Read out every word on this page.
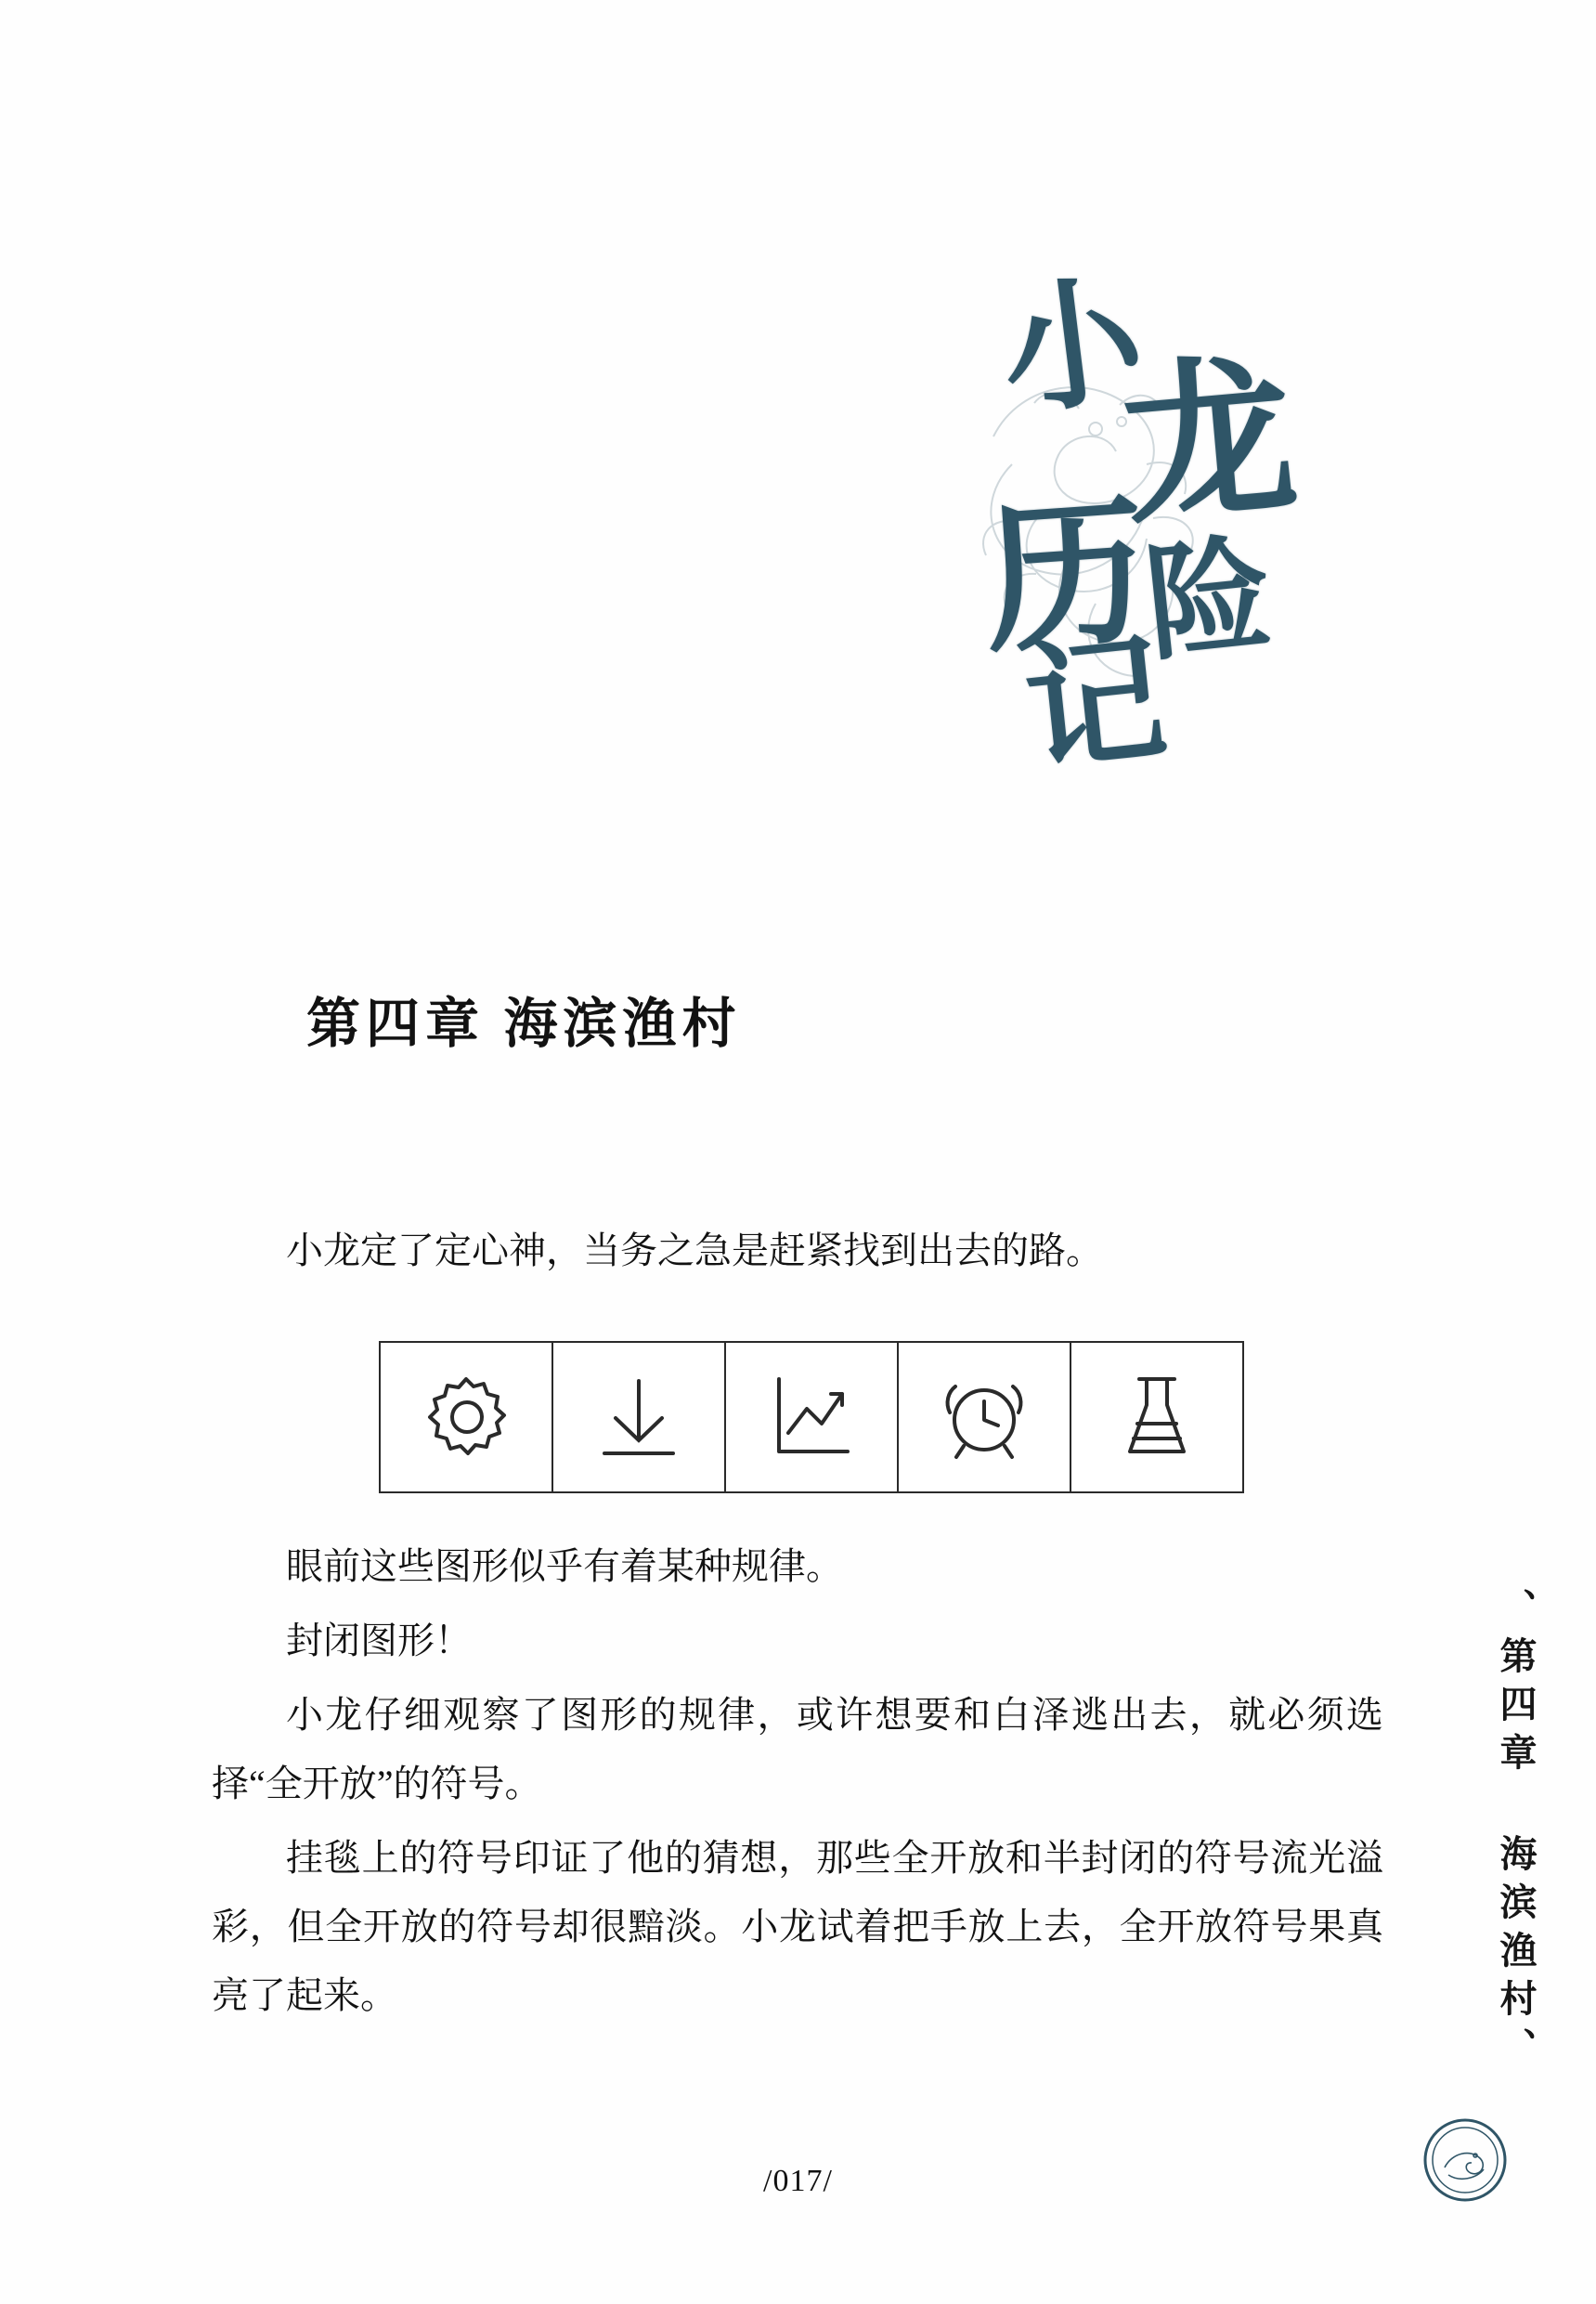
小
龙
历
险
记
第四章 海滨渔村

小龙定了定心神，当务之急是赶紧找到出去的路。

眼前这些图形似乎有着某种规律。

封闭图形！

小龙仔细观察了图形的规律，或许想要和白泽逃出去，就必须选择“全开放”的符号。

挂毯上的符号印证了他的猜想，那些全开放和半封闭的符号流光溢彩，但全开放的符号却很黯淡。小龙试着把手放上去，全开放符号果真亮了起来。	、第四章 海滨渔村、
/017/
